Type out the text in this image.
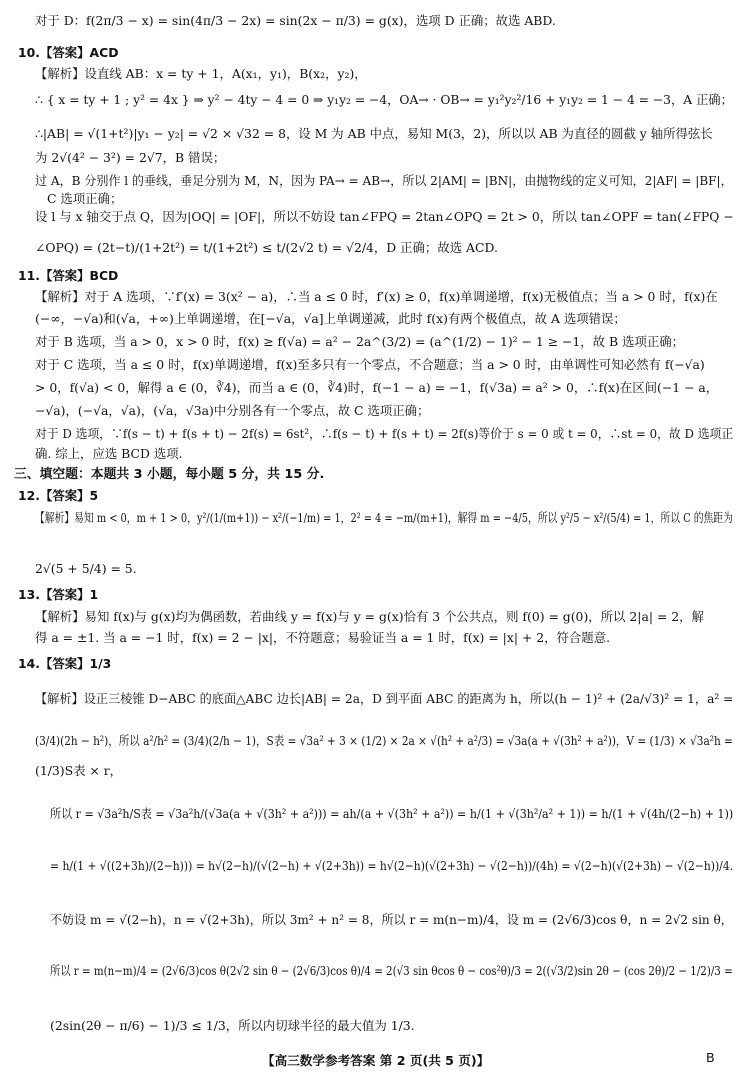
对于 D：f(2π/3 − x) = sin(4π/3 − 2x) = sin(2x − π/3) = g(x)，选项 D 正确；故选 ABD.
10.【答案】ACD
【解析】设直线 AB：x = ty + 1，A(x₁，y₁)，B(x₂，y₂)，
∴ { x = ty + 1 ; y² = 4x } ⇒ y² − 4ty − 4 = 0 ⇒ y₁y₂ = −4，OA→ · OB→ = y₁²y₂²/16 + y₁y₂ = 1 − 4 = −3，A 正确；
∴|AB| = √(1+t²)|y₁ − y₂| = √2 × √32 = 8，设 M 为 AB 中点，易知 M(3，2)，所以以 AB 为直径的圆截 y 轴所得弦长
为 2√(4² − 3²) = 2√7，B 错误；
过 A，B 分别作 l 的垂线，垂足分别为 M，N，因为 PA→ = AB→，所以 2|AM| = |BN|，由抛物线的定义可知，2|AF| = |BF|，
C 选项正确；
设 l 与 x 轴交于点 Q，因为|OQ| = |OF|，所以不妨设 tan∠FPQ = 2tan∠OPQ = 2t > 0，所以 tan∠OPF = tan(∠FPQ −
∠OPQ) = (2t−t)/(1+2t²) = t/(1+2t²) ≤ t/(2√2 t) = √2/4，D 正确；故选 ACD.
11.【答案】BCD
【解析】对于 A 选项，∵f′(x) = 3(x² − a)，∴当 a ≤ 0 时，f′(x) ≥ 0，f(x)单调递增，f(x)无极值点；当 a > 0 时，f(x)在
(−∞，−√a)和(√a，+∞)上单调递增，在[−√a，√a]上单调递减，此时 f(x)有两个极值点，故 A 选项错误；
对于 B 选项，当 a > 0，x > 0 时，f(x) ≥ f(√a) = a² − 2a^(3/2) = (a^(1/2) − 1)² − 1 ≥ −1，故 B 选项正确；
对于 C 选项，当 a ≤ 0 时，f(x)单调递增，f(x)至多只有一个零点，不合题意；当 a > 0 时，由单调性可知必然有 f(−√a)
> 0，f(√a) < 0，解得 a ∈ (0，∛4)，而当 a ∈ (0，∛4)时，f(−1 − a) = −1，f(√3a) = a² > 0，∴f(x)在区间(−1 − a，
−√a)，(−√a，√a)，(√a，√3a)中分别各有一个零点，故 C 选项正确；
对于 D 选项，∵f(s − t) + f(s + t) − 2f(s) = 6st²，∴f(s − t) + f(s + t) = 2f(s)等价于 s = 0 或 t = 0，∴st = 0，故 D 选项正
确. 综上，应选 BCD 选项.
三、填空题：本题共 3 小题，每小题 5 分，共 15 分.
12.【答案】5
【解析】易知 m < 0，m + 1 > 0，y²/(1/(m+1)) − x²/(−1/m) = 1，2² = 4 = −m/(m+1)，解得 m = −4/5，所以 y²/5 − x²/(5/4) = 1，所以 C 的焦距为
2√(5 + 5/4) = 5.
13.【答案】1
【解析】易知 f(x)与 g(x)均为偶函数，若曲线 y = f(x)与 y = g(x)恰有 3 个公共点，则 f(0) = g(0)，所以 2|a| = 2，解
得 a = ±1. 当 a = −1 时，f(x) = 2 − |x|，不符题意；易验证当 a = 1 时，f(x) = |x| + 2，符合题意.
14.【答案】1/3
【解析】设正三棱锥 D−ABC 的底面△ABC 边长|AB| = 2a，D 到平面 ABC 的距离为 h，所以(h − 1)² + (2a/√3)² = 1，a² =
(3/4)(2h − h²)，所以 a²/h² = (3/4)(2/h − 1)，S表 = √3a² + 3 × (1/2) × 2a × √(h² + a²/3) = √3a(a + √(3h² + a²))，V = (1/3) × √3a²h =
(1/3)S表 × r，
所以 r = √3a²h/S表 = √3a²h/(√3a(a + √(3h² + a²))) = ah/(a + √(3h² + a²)) = h/(1 + √(3h²/a² + 1)) = h/(1 + √(4h/(2−h) + 1))
= h/(1 + √((2+3h)/(2−h))) = h√(2−h)/(√(2−h) + √(2+3h)) = h√(2−h)(√(2+3h) − √(2−h))/(4h) = √(2−h)(√(2+3h) − √(2−h))/4.
不妨设 m = √(2−h)，n = √(2+3h)，所以 3m² + n² = 8，所以 r = m(n−m)/4，设 m = (2√6/3)cos θ，n = 2√2 sin θ，
所以 r = m(n−m)/4 = (2√6/3)cos θ(2√2 sin θ − (2√6/3)cos θ)/4 = 2(√3 sin θcos θ − cos²θ)/3 = 2((√3/2)sin 2θ − (cos 2θ)/2 − 1/2)/3 =
(2sin(2θ − π/6) − 1)/3 ≤ 1/3，所以内切球半径的最大值为 1/3.
【高三数学参考答案 第 2 页(共 5 页)】	B
